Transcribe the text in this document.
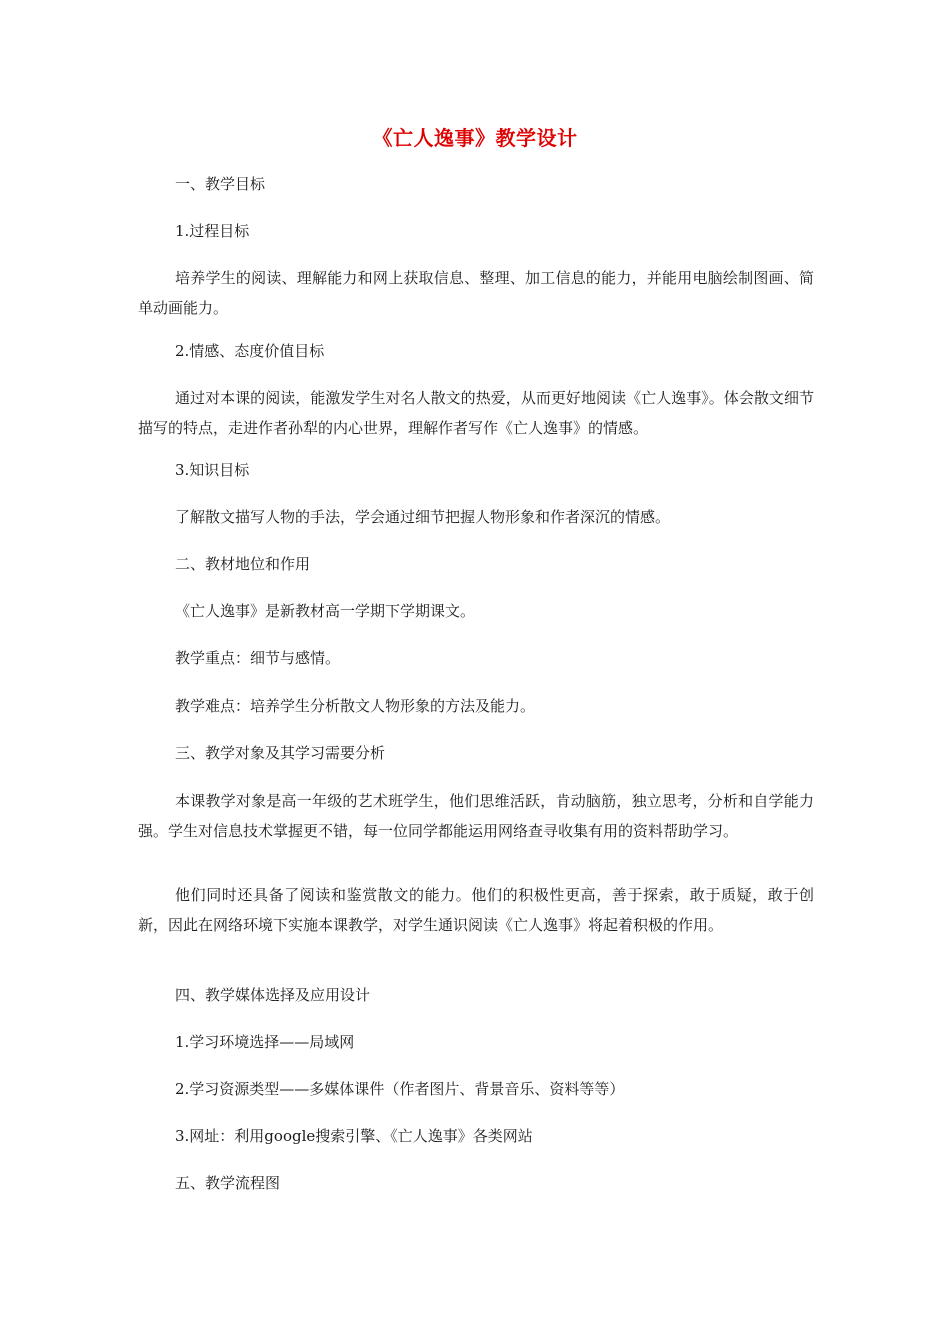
《亡人逸事》教学设计

一、教学目标

1.过程目标

培养学生的阅读、理解能力和网上获取信息、整理、加工信息的能力，并能用电脑绘制图画、简单动画能力。

2.情感、态度价值目标

通过对本课的阅读，能激发学生对名人散文的热爱，从而更好地阅读《亡人逸事》。体会散文细节描写的特点，走进作者孙犁的内心世界，理解作者写作《亡人逸事》的情感。

3.知识目标

了解散文描写人物的手法，学会通过细节把握人物形象和作者深沉的情感。

二、教材地位和作用

《亡人逸事》是新教材高一学期下学期课文。

教学重点：细节与感情。

教学难点：培养学生分析散文人物形象的方法及能力。

三、教学对象及其学习需要分析

本课教学对象是高一年级的艺术班学生，他们思维活跃，肯动脑筋，独立思考，分析和自学能力强。学生对信息技术掌握更不错，每一位同学都能运用网络查寻收集有用的资料帮助学习。

他们同时还具备了阅读和鉴赏散文的能力。他们的积极性更高，善于探索，敢于质疑，敢于创新，因此在网络环境下实施本课教学，对学生通识阅读《亡人逸事》将起着积极的作用。

四、教学媒体选择及应用设计

1.学习环境选择——局域网

2.学习资源类型——多媒体课件（作者图片、背景音乐、资料等等）

3.网址：利用google搜索引擎、《亡人逸事》各类网站

五、教学流程图
